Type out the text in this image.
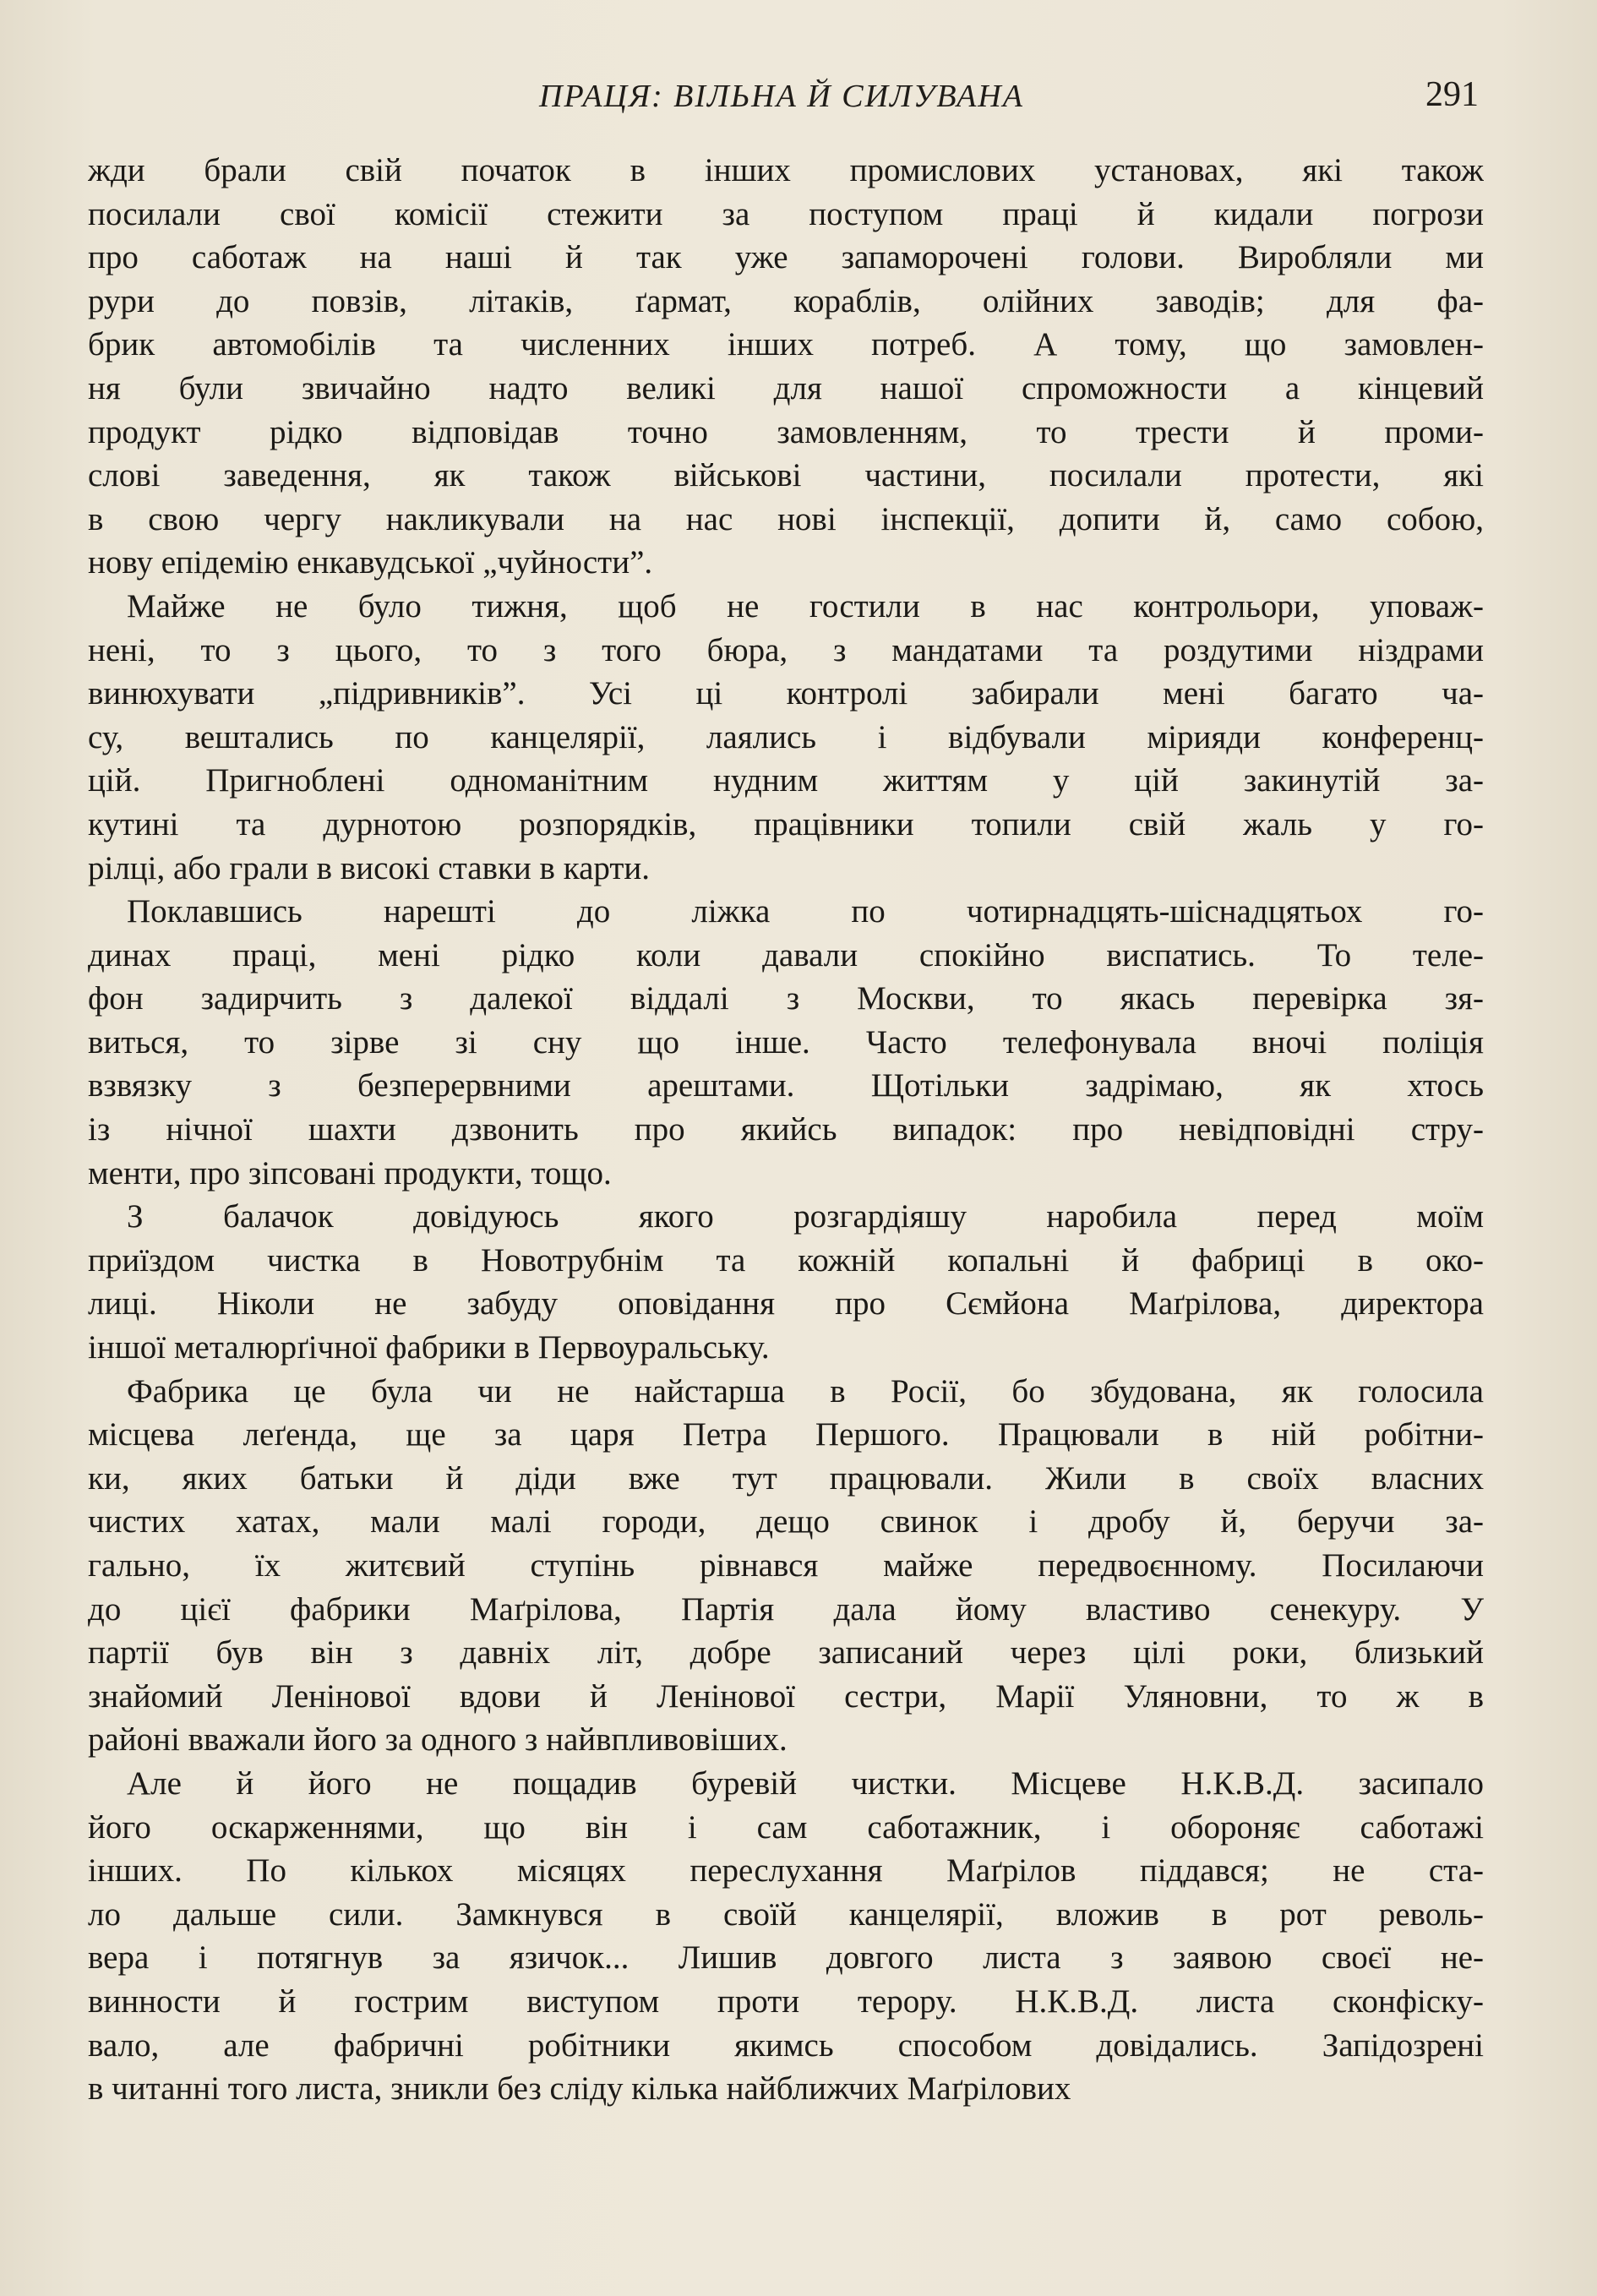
ПРАЦЯ: ВІЛЬНА Й СИЛУВАНА	291
жди брали свій початок в інших промислових установах, які також
посилали свої комісії стежити за поступом праці й кидали погрози
про саботаж на наші й так уже запаморочені голови. Виробляли ми
рури до повзів, літаків, ґармат, кораблів, олійних заводів; для фа-
брик автомобілів та численних інших потреб. А тому, що замовлен-
ня були звичайно надто великі для нашої спроможности а кінцевий
продукт рідко відповідав точно замовленням, то трести й проми-
слові заведення, як також військові частини, посилали протести, які
в свою чергу накликували на нас нові інспекції, допити й, само собою,
нову епідемію енкавудської „чуйности”.
Майже не було тижня, щоб не гостили в нас контрольори, уповаж-
нені, то з цього, то з того бюра, з мандатами та роздутими ніздрами
винюхувати „підривників”. Усі ці контролі забирали мені багато ча-
су, вештались по канцелярії, лаялись і відбували мірияди конференц-
цій. Пригноблені одноманітним нудним життям у цій закинутій за-
кутині та дурнотою розпорядків, працівники топили свій жаль у го-
рілці, або грали в високі ставки в карти.
Поклавшись нарешті до ліжка по чотирнадцять-шіснадцятьох го-
динах праці, мені рідко коли давали спокійно виспатись. То теле-
фон задирчить з далекої віддалі з Москви, то якась перевірка зя-
виться, то зірве зі сну що інше. Часто телефонувала вночі поліція
взвязку з безперервними арештами. Щотільки задрімаю, як хтось
із нічної шахти дзвонить про якийсь випадок: про невідповідні стру-
менти, про зіпсовані продукти, тощо.
З балачок довідуюсь якого розгардіяшу наробила перед моїм
приїздом чистка в Новотрубнім та кожній копальні й фабриці в око-
лиці. Ніколи не забуду оповідання про Сємйона Маґрілова, директора
іншої металюрґічної фабрики в Первоуральську.
Фабрика це була чи не найстарша в Росії, бо збудована, як голосила
місцева леґенда, ще за царя Петра Першого. Працювали в ній робітни-
ки, яких батьки й діди вже тут працювали. Жили в своїх власних
чистих хатах, мали малі городи, дещо свинок і дробу й, беручи за-
гально, їх житєвий ступінь рівнався майже передвоєнному. Посилаючи
до цієї фабрики Маґрілова, Партія дала йому властиво сенекуру. У
партії був він з давніх літ, добре записаний через цілі роки, близький
знайомий Ленінової вдови й Ленінової сестри, Марії Уляновни, то ж в
районі вважали його за одного з найвпливовіших.
Але й його не пощадив буревій чистки. Місцеве Н.К.В.Д. засипало
його оскарженнями, що він і сам саботажник, і обороняє саботажі
інших. По кількох місяцях переслухання Маґрілов піддався; не ста-
ло дальше сили. Замкнувся в своїй канцелярії, вложив в рот револь-
вера і потягнув за язичок... Лишив довгого листа з заявою своєї не-
винности й гострим виступом проти терору. Н.К.В.Д. листа сконфіску-
вало, але фабричні робітники якимсь способом довідались. Запідозрені
в читанні того листа, зникли без сліду кілька найближчих Маґрілових
